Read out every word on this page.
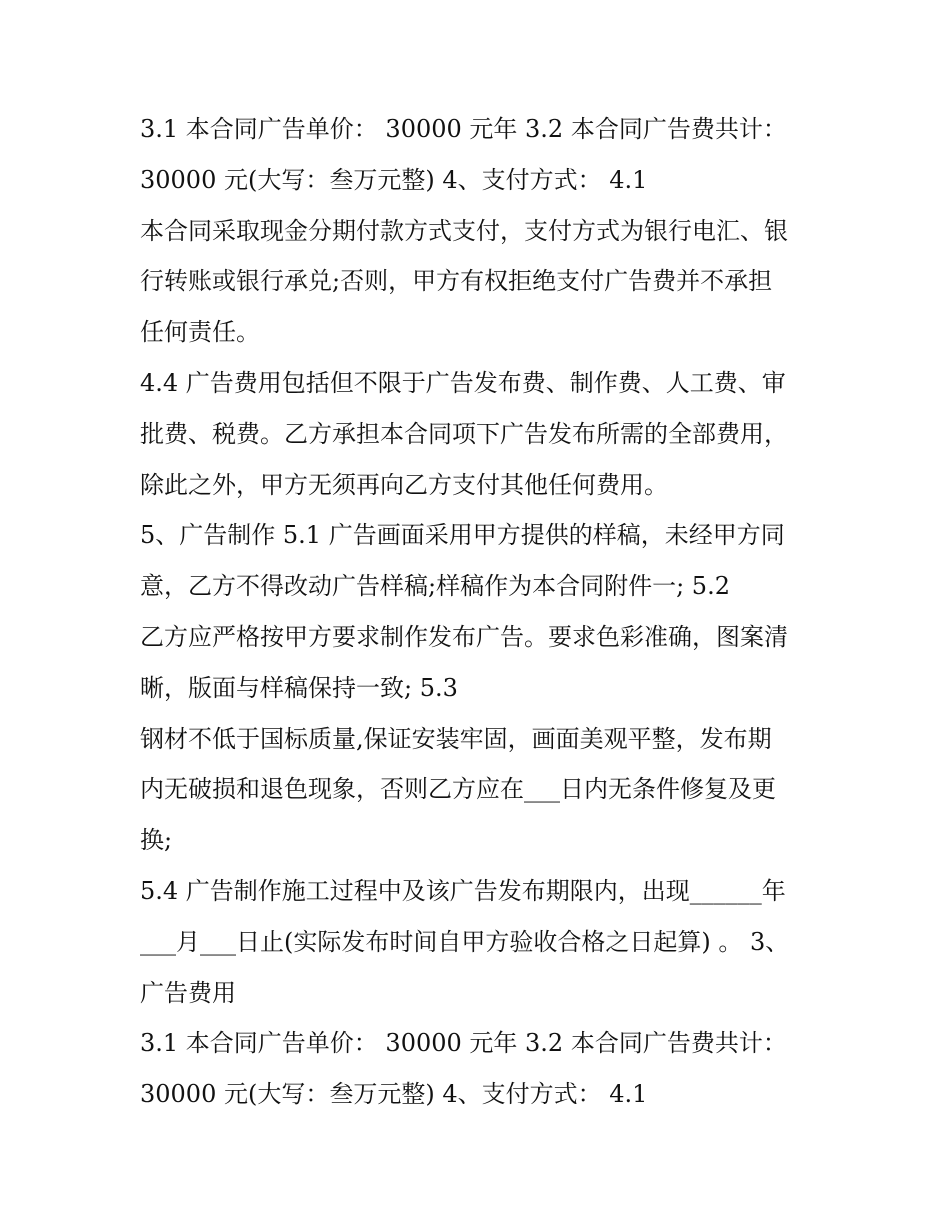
3.1 本合同广告单价： 30000 元年 3.2 本合同广告费共计：

30000 元(大写：叁万元整) 4、支付方式： 4.1

本合同采取现金分期付款方式支付，支付方式为银行电汇、银

行转账或银行承兑;否则，甲方有权拒绝支付广告费并不承担

任何责任。

4.4 广告费用包括但不限于广告发布费、制作费、人工费、审

批费、税费。乙方承担本合同项下广告发布所需的全部费用，

除此之外，甲方无须再向乙方支付其他任何费用。

5、广告制作 5.1 广告画面采用甲方提供的样稿，未经甲方同

意，乙方不得改动广告样稿;样稿作为本合同附件一; 5.2

乙方应严格按甲方要求制作发布广告。要求色彩准确，图案清

晰，版面与样稿保持一致; 5.3

钢材不低于国标质量,保证安装牢固，画面美观平整，发布期

内无破损和退色现象，否则乙方应在___日内无条件修复及更

换;

5.4 广告制作施工过程中及该广告发布期限内，出现______年

___月___日止(实际发布时间自甲方验收合格之日起算) 。 3、

广告费用

3.1 本合同广告单价： 30000 元年 3.2 本合同广告费共计：

30000 元(大写：叁万元整) 4、支付方式： 4.1
